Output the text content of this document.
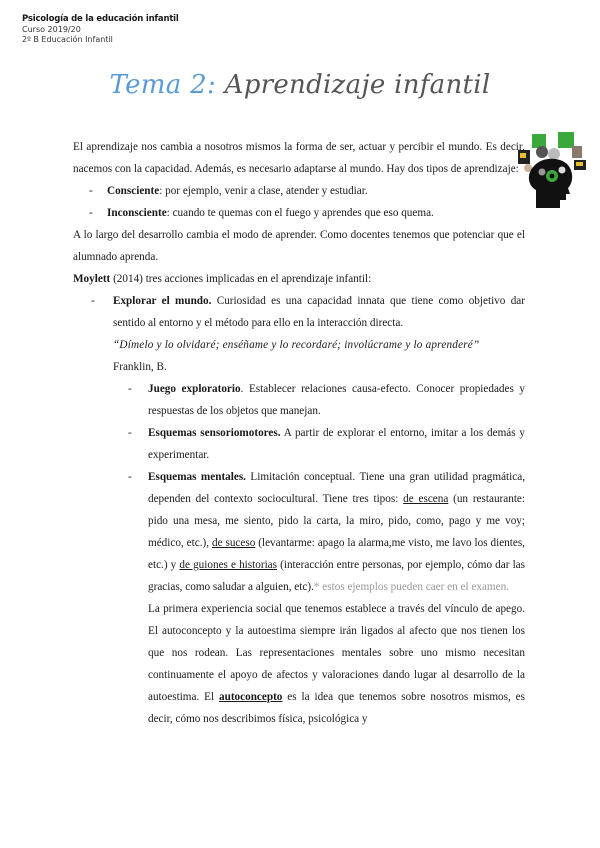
Psicología de la educación infantil
Curso 2019/20
2º B Educación Infantil
Tema 2: Aprendizaje infantil

El aprendizaje nos cambia a nosotros mismos la forma de ser, actuar y percibir el mundo. Es decir, nacemos con la capacidad. Además, es necesario adaptarse al mundo. Hay dos tipos de aprendizaje:

- Consciente: por ejemplo, venir a clase, atender y estudiar.

- Inconsciente: cuando te quemas con el fuego y aprendes que eso quema.

A lo largo del desarrollo cambia el modo de aprender. Como docentes tenemos que potenciar que el alumnado aprenda.

Moylett (2014) tres acciones implicadas en el aprendizaje infantil:

- Explorar el mundo. Curiosidad es una capacidad innata que tiene como objetivo dar sentido al entorno y el método para ello en la interacción directa.

“Dímelo y lo olvidaré; enséñame y lo recordaré; involúcrame y lo aprenderé”

Franklin, B.

- Juego exploratorio. Establecer relaciones causa-efecto. Conocer propiedades y respuestas de los objetos que manejan.

- Esquemas sensoriomotores. A partir de explorar el entorno, imitar a los demás y experimentar.

- Esquemas mentales. Limitación conceptual. Tiene una gran utilidad pragmática, dependen del contexto sociocultural. Tiene tres tipos: de escena (un restaurante: pido una mesa, me siento, pido la carta, la miro, pido, como, pago y me voy; médico, etc.), de suceso (levantarme: apago la alarma,me visto, me lavo los dientes, etc.) y de guiones e historias (interacción entre personas, por ejemplo, cómo dar las gracias, como saludar a alguien, etc).* estos ejemplos pueden caer en el examen.

La primera experiencia social que tenemos establece a través del vínculo de apego. El autoconcepto y la autoestima siempre irán ligados al afecto que nos tienen los que nos rodean. Las representaciones mentales sobre uno mismo necesitan continuamente el apoyo de afectos y valoraciones dando lugar al desarrollo de la autoestima. El autoconcepto es la idea que tenemos sobre nosotros mismos, es decir, cómo nos describimos física, psicológica y
